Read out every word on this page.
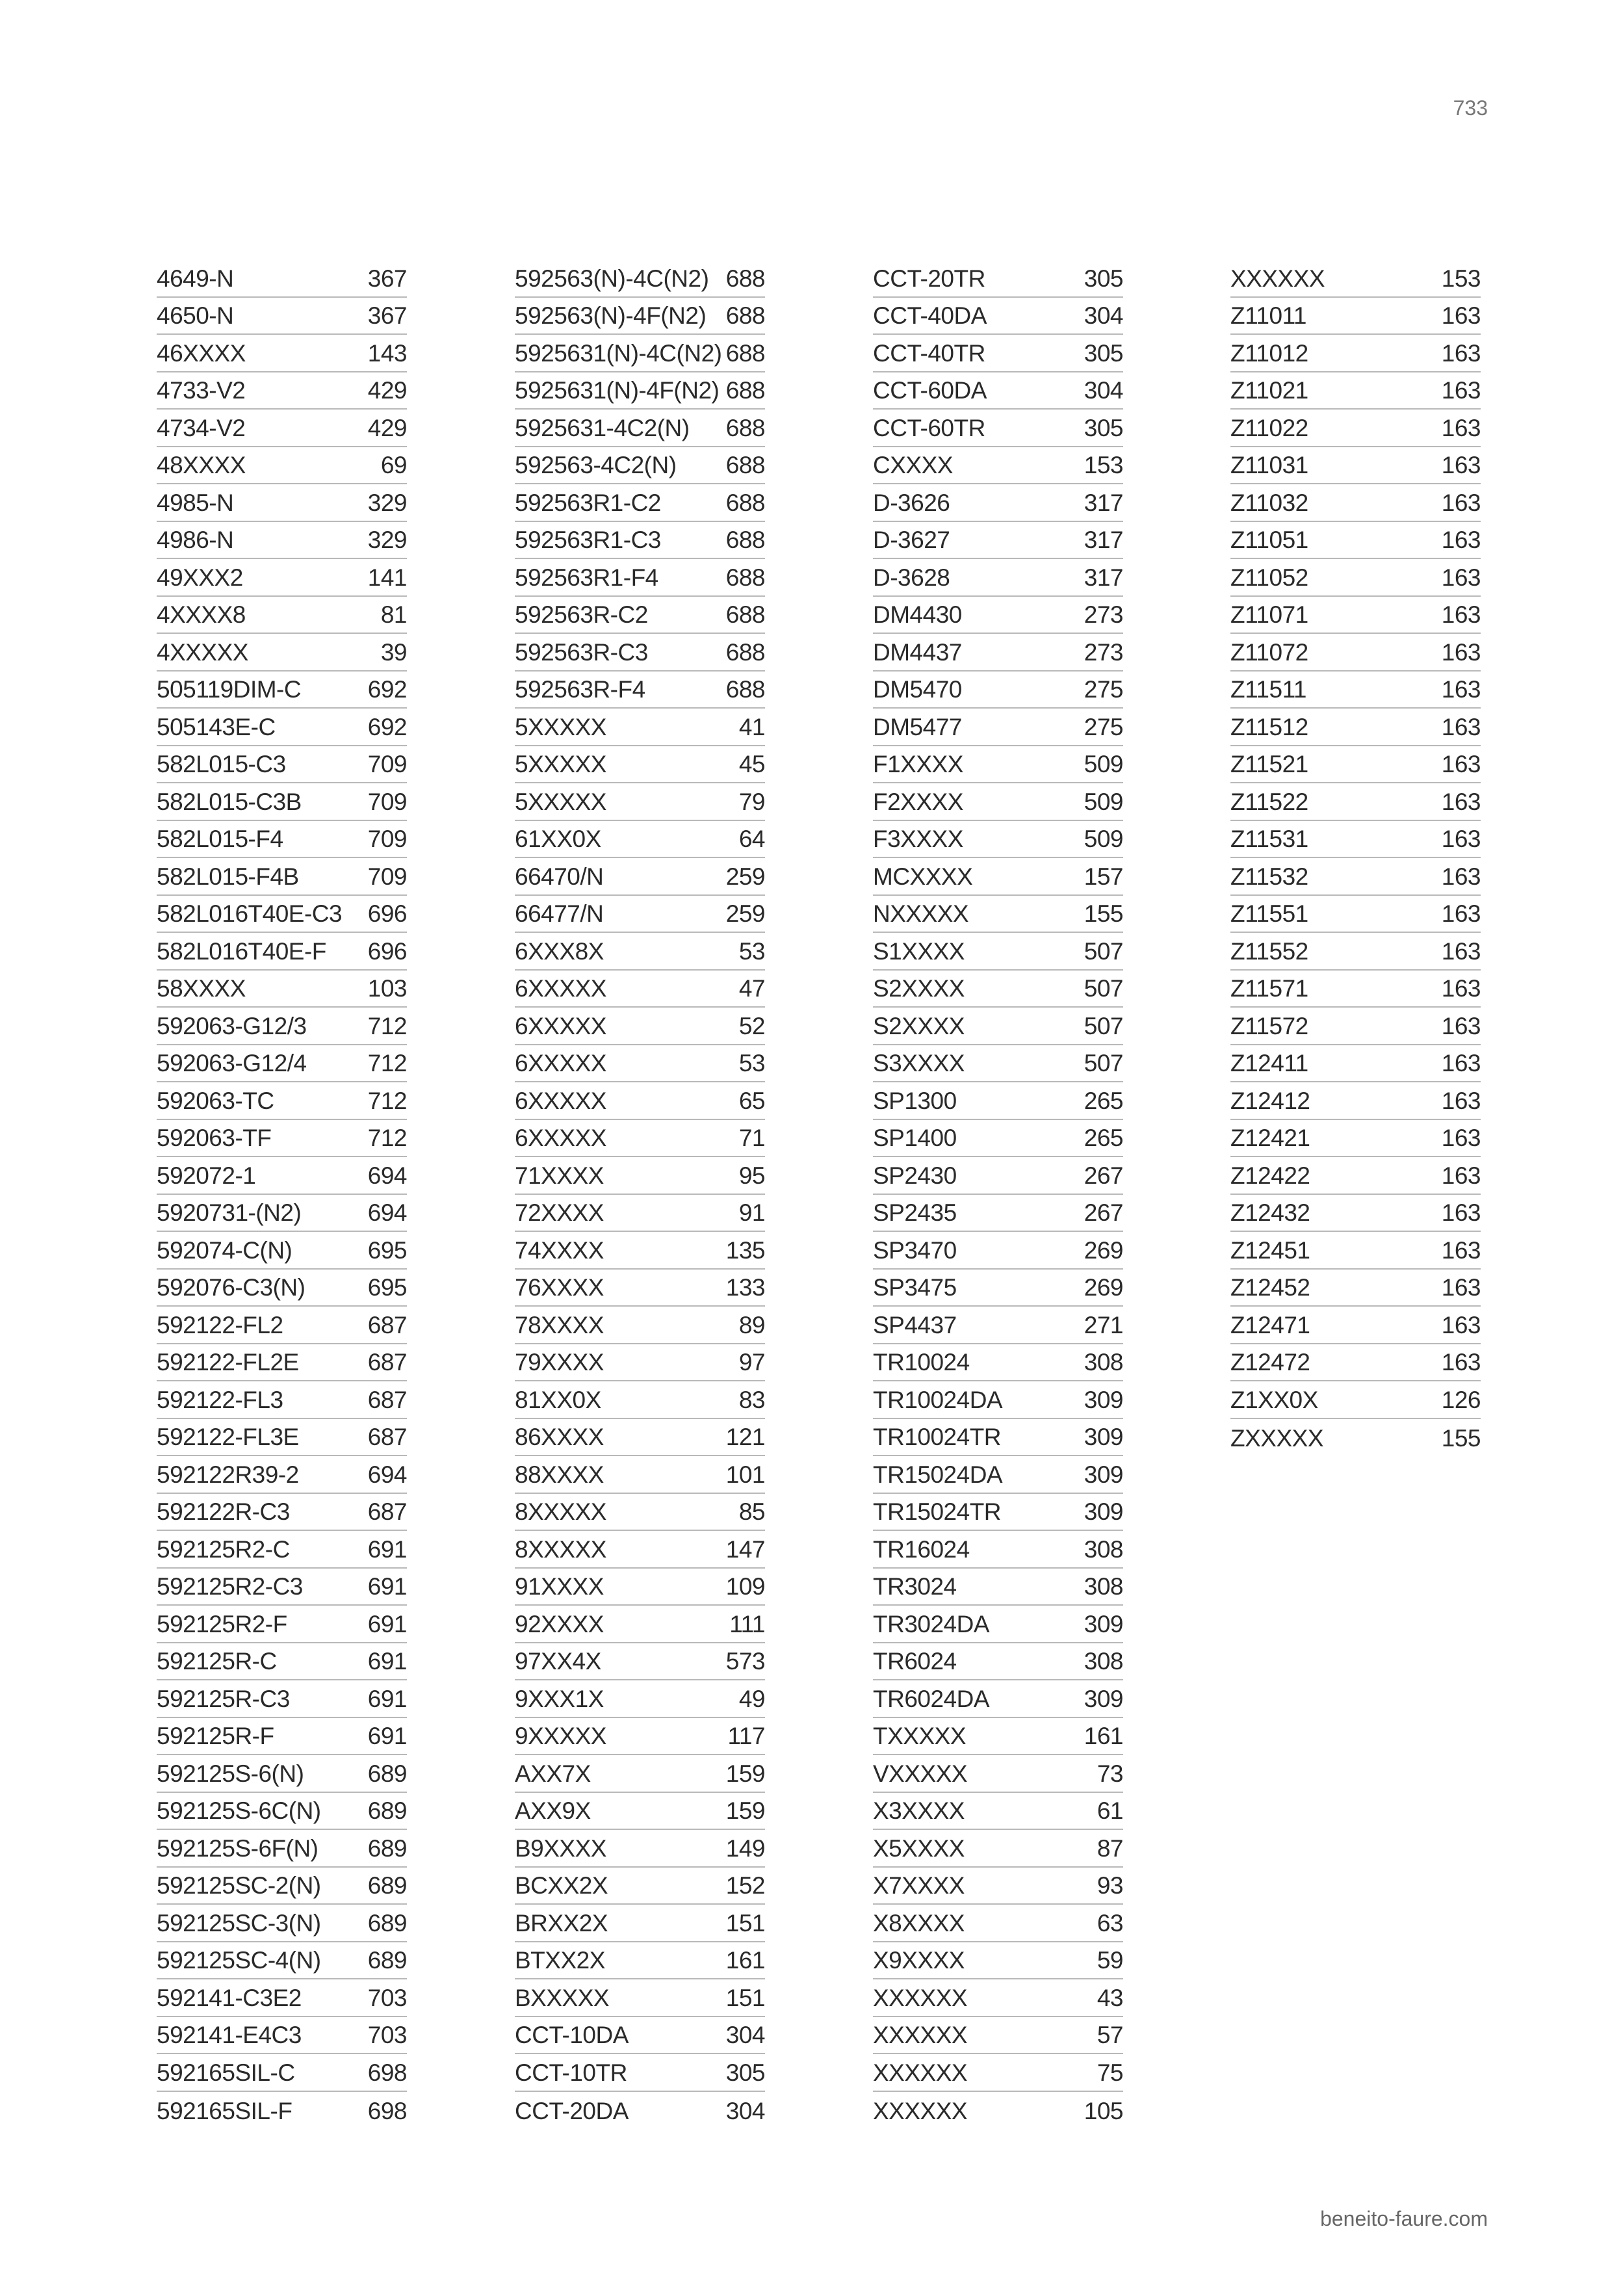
733
4649-N	367
4650-N	367
46XXXX	143
4733-V2	429
4734-V2	429
48XXXX	69
4985-N	329
4986-N	329
49XXX2	141
4XXXX8	81
4XXXXX	39
505119DIM-C	692
505143E-C	692
582L015-C3	709
582L015-C3B	709
582L015-F4	709
582L015-F4B	709
582L016T40E-C3 696
582L016T40E-F 696
58XXXX	103
592063-G12/3	712
592063-G12/4	712
592063-TC	712
592063-TF	712
592072-1	694
5920731-(N2)	694
592074-C(N)	695
592076-C3(N)	695
592122-FL2	687
592122-FL2E	687
592122-FL3	687
592122-FL3E	687
592122R39-2	694
592122R-C3	687
592125R2-C	691
592125R2-C3	691
592125R2-F	691
592125R-C	691
592125R-C3	691
592125R-F	691
592125S-6(N)	689
592125S-6C(N) 689
592125S-6F(N) 689
592125SC-2(N) 689
592125SC-3(N) 689
592125SC-4(N) 689
592141-C3E2	703
592141-E4C3	703
592165SIL-C	698
592165SIL-F	698
592563(N)-4C(N2) 688
592563(N)-4F(N2) 688
5925631(N)-4C(N2) 688
5925631(N)-4F(N2) 688
5925631-4C2(N) 688
592563-4C2(N) 688
592563R1-C2	688
592563R1-C3	688
592563R1-F4	688
592563R-C2	688
592563R-C3	688
592563R-F4	688
5XXXXX	41
5XXXXX	45
5XXXXX	79
61XX0X	64
66470/N	259
66477/N	259
6XXX8X	53
6XXXXX	47
6XXXXX	52
6XXXXX	53
6XXXXX	65
6XXXXX	71
71XXXX	95
72XXXX	91
74XXXX	135
76XXXX	133
78XXXX	89
79XXXX	97
81XX0X	83
86XXXX	121
88XXXX	101
8XXXXX	85
8XXXXX	147
91XXXX	109
92XXXX	111
97XX4X	573
9XXX1X	49
9XXXXX	117
AXX7X	159
AXX9X	159
B9XXXX	149
BCXX2X	152
BRXX2X	151
BTXX2X	161
BXXXXX	151
CCT-10DA	304
CCT-10TR	305
CCT-20DA	304
CCT-20TR	305
CCT-40DA	304
CCT-40TR	305
CCT-60DA	304
CCT-60TR	305
CXXXX	153
D-3626	317
D-3627	317
D-3628	317
DM4430	273
DM4437	273
DM5470	275
DM5477	275
F1XXXX	509
F2XXXX	509
F3XXXX	509
MCXXXX	157
NXXXXX	155
S1XXXX	507
S2XXXX	507
S2XXXX	507
S3XXXX	507
SP1300	265
SP1400	265
SP2430	267
SP2435	267
SP3470	269
SP3475	269
SP4437	271
TR10024	308
TR10024DA	309
TR10024TR	309
TR15024DA	309
TR15024TR	309
TR16024	308
TR3024	308
TR3024DA	309
TR6024	308
TR6024DA	309
TXXXXX	161
VXXXXX	73
X3XXXX	61
X5XXXX	87
X7XXXX	93
X8XXXX	63
X9XXXX	59
XXXXXX	43
XXXXXX	57
XXXXXX	75
XXXXXX	105
XXXXXX	153
Z11011	163
Z11012	163
Z11021	163
Z11022	163
Z11031	163
Z11032	163
Z11051	163
Z11052	163
Z11071	163
Z11072	163
Z11511	163
Z11512	163
Z11521	163
Z11522	163
Z11531	163
Z11532	163
Z11551	163
Z11552	163
Z11571	163
Z11572	163
Z12411	163
Z12412	163
Z12421	163
Z12422	163
Z12432	163
Z12451	163
Z12452	163
Z12471	163
Z12472	163
Z1XX0X	126
ZXXXXX	155
beneito-faure.com
